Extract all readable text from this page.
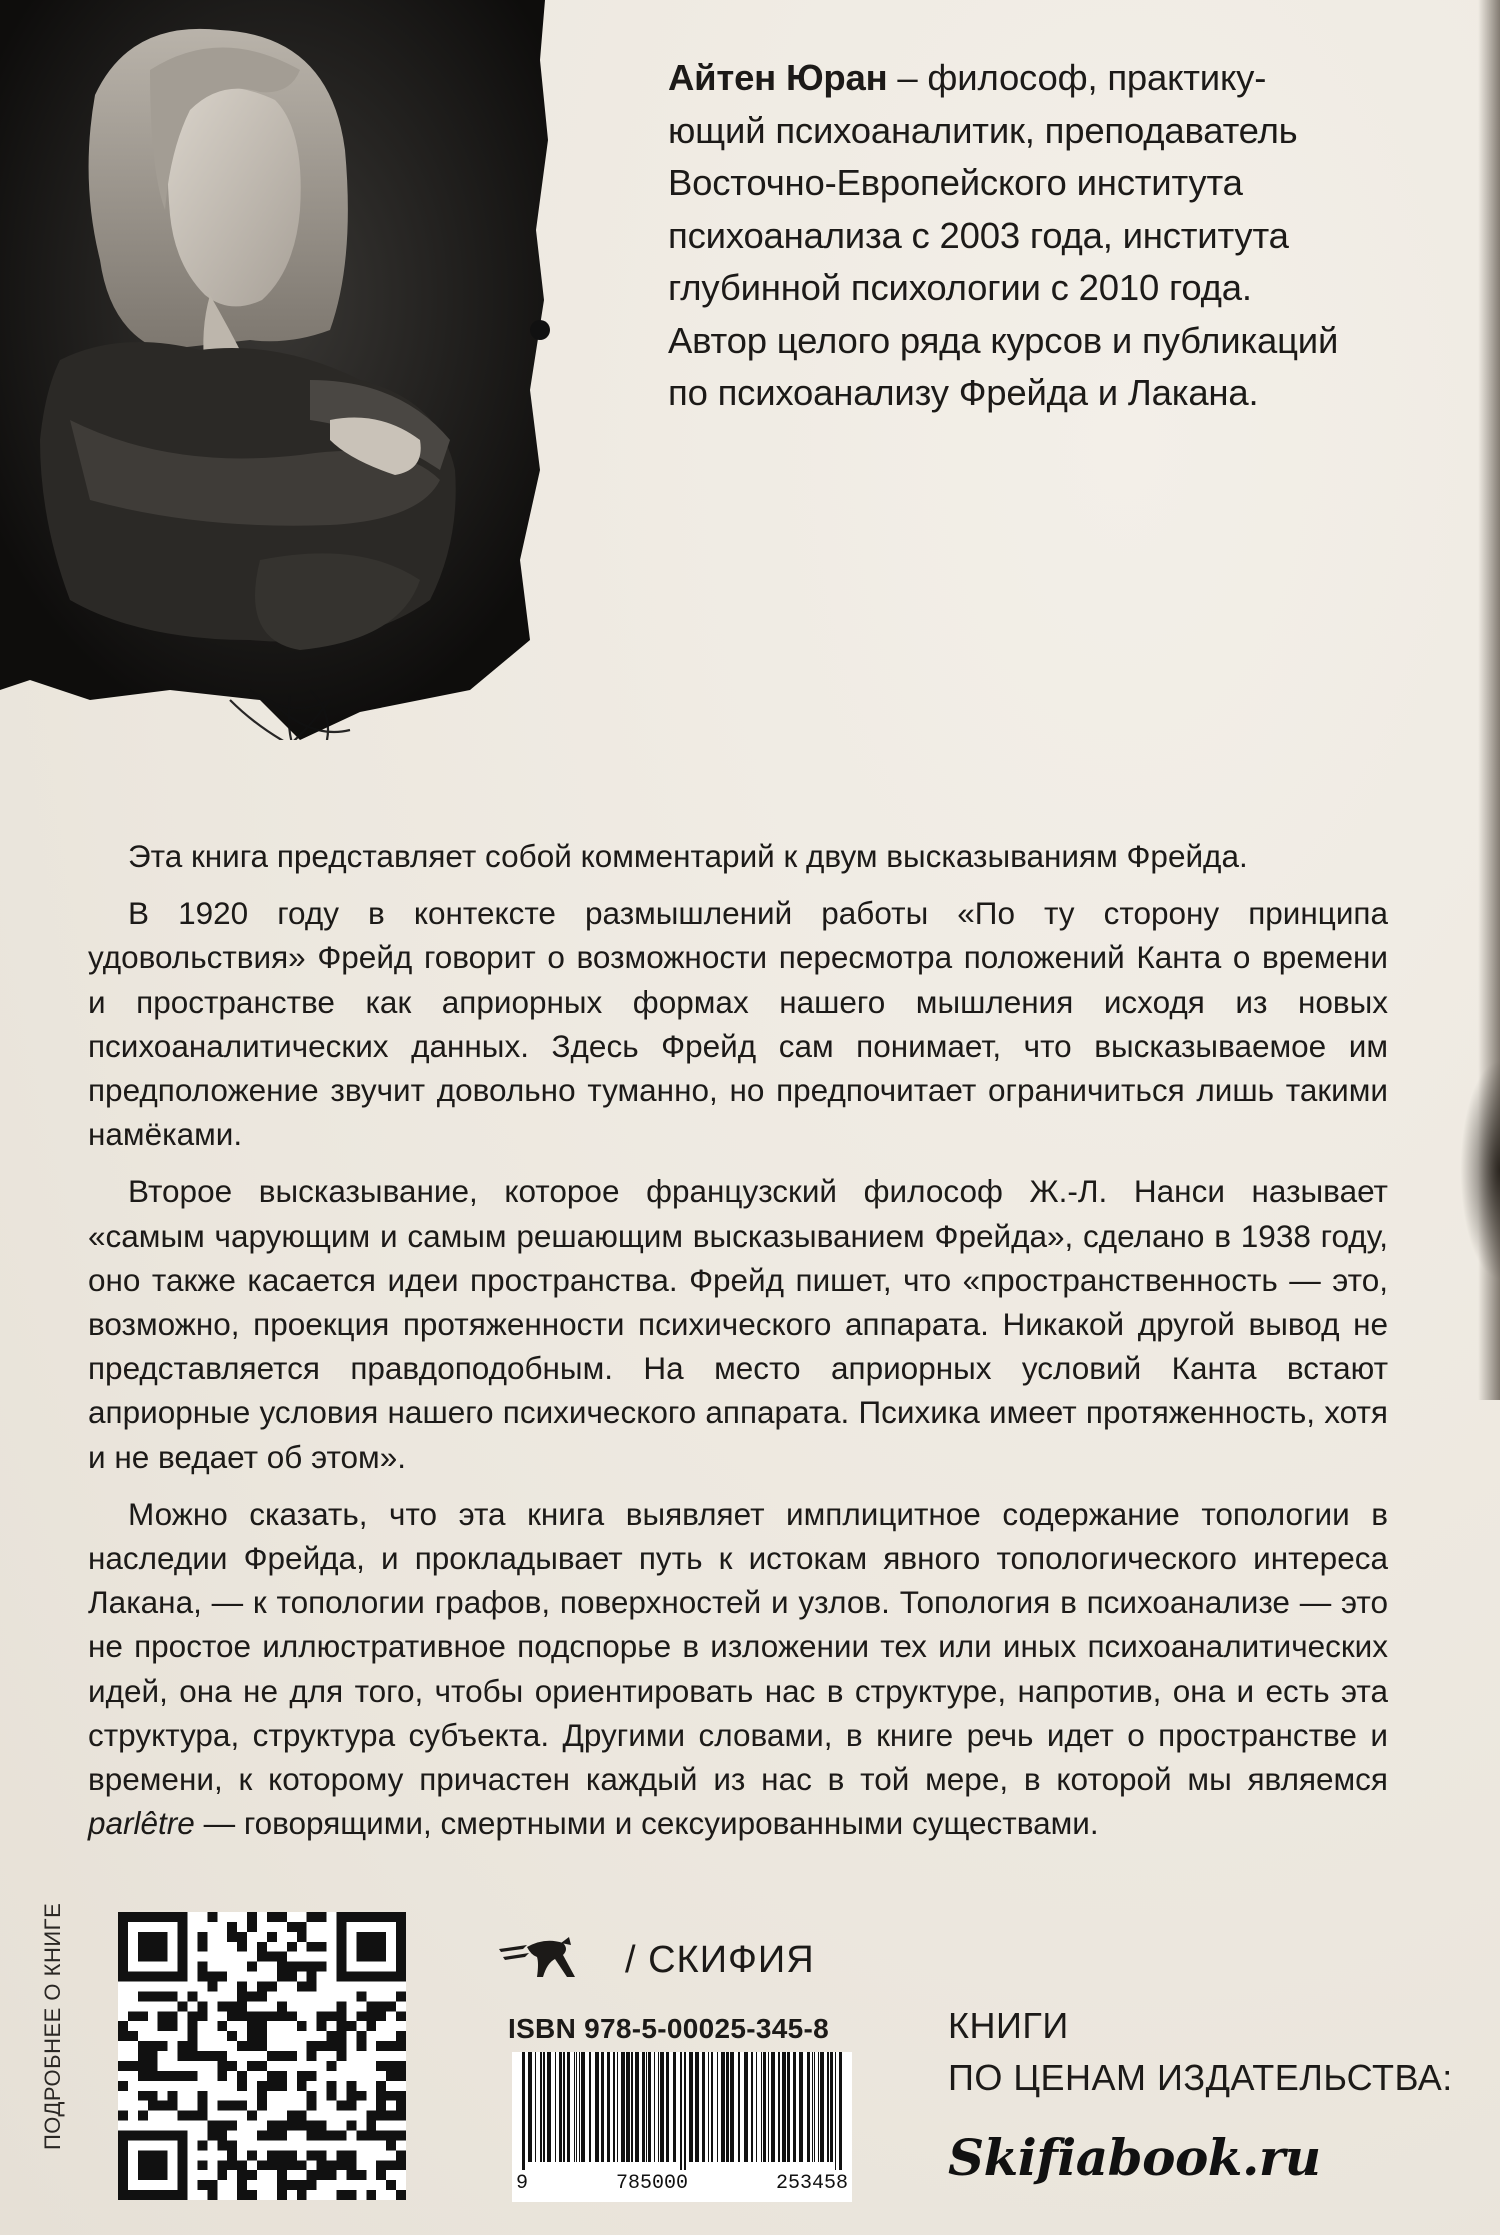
Айтен Юран – философ, практику-
ющий психоаналитик, преподаватель
Восточно-Европейского института
психоанализа с 2003 года, института
глубинной психологии с 2010 года.
Автор целого ряда курсов и публикаций
по психоанализу Фрейда и Лакана.

Эта книга представляет собой комментарий к двум высказываниям Фрейда.

В 1920 году в контексте размышлений работы «По ту сторону принципа удовольствия» Фрейд говорит о возможности пересмотра положений Канта о времени и пространстве как априорных формах нашего мышления исходя из новых психоаналитических данных. Здесь Фрейд сам понимает, что высказываемое им предположение звучит довольно туманно, но предпочитает ограничиться лишь такими намёками.

Второе высказывание, которое французский философ Ж.-Л. Нанси называет «самым чарующим и самым решающим высказыванием Фрейда», сделано в 1938 году, оно также касается идеи пространства. Фрейд пишет, что «пространственность — это, возможно, проекция протяженности психического аппарата. Никакой другой вывод не представляется правдоподобным. На место априорных условий Канта встают априорные условия нашего психического аппарата. Психика имеет протяженность, хотя и не ведает об этом».

Можно сказать, что эта книга выявляет имплицитное содержание топологии в наследии Фрейда, и прокладывает путь к истокам явного топологического интереса Лакана, — к топологии графов, поверхностей и узлов. Топология в психоанализе — это не простое иллюстративное подспорье в изложении тех или иных психоаналитических идей, она не для того, чтобы ориентировать нас в структуре, напротив, она и есть эта структура, структура субъекта. Другими словами, в книге речь идет о пространстве и времени, к которому причастен каждый из нас в той мере, в которой мы являемся parlêtre — говорящими, смертными и сексуированными существами.

ПОДРОБНЕЕ О КНИГЕ	/ СКИФИЯ
ISBN 978-5-00025-345-8
9	785000	253458
КНИГИ
ПО ЦЕНАМ ИЗДАТЕЛЬСТВА:
Skifiabook.ru
